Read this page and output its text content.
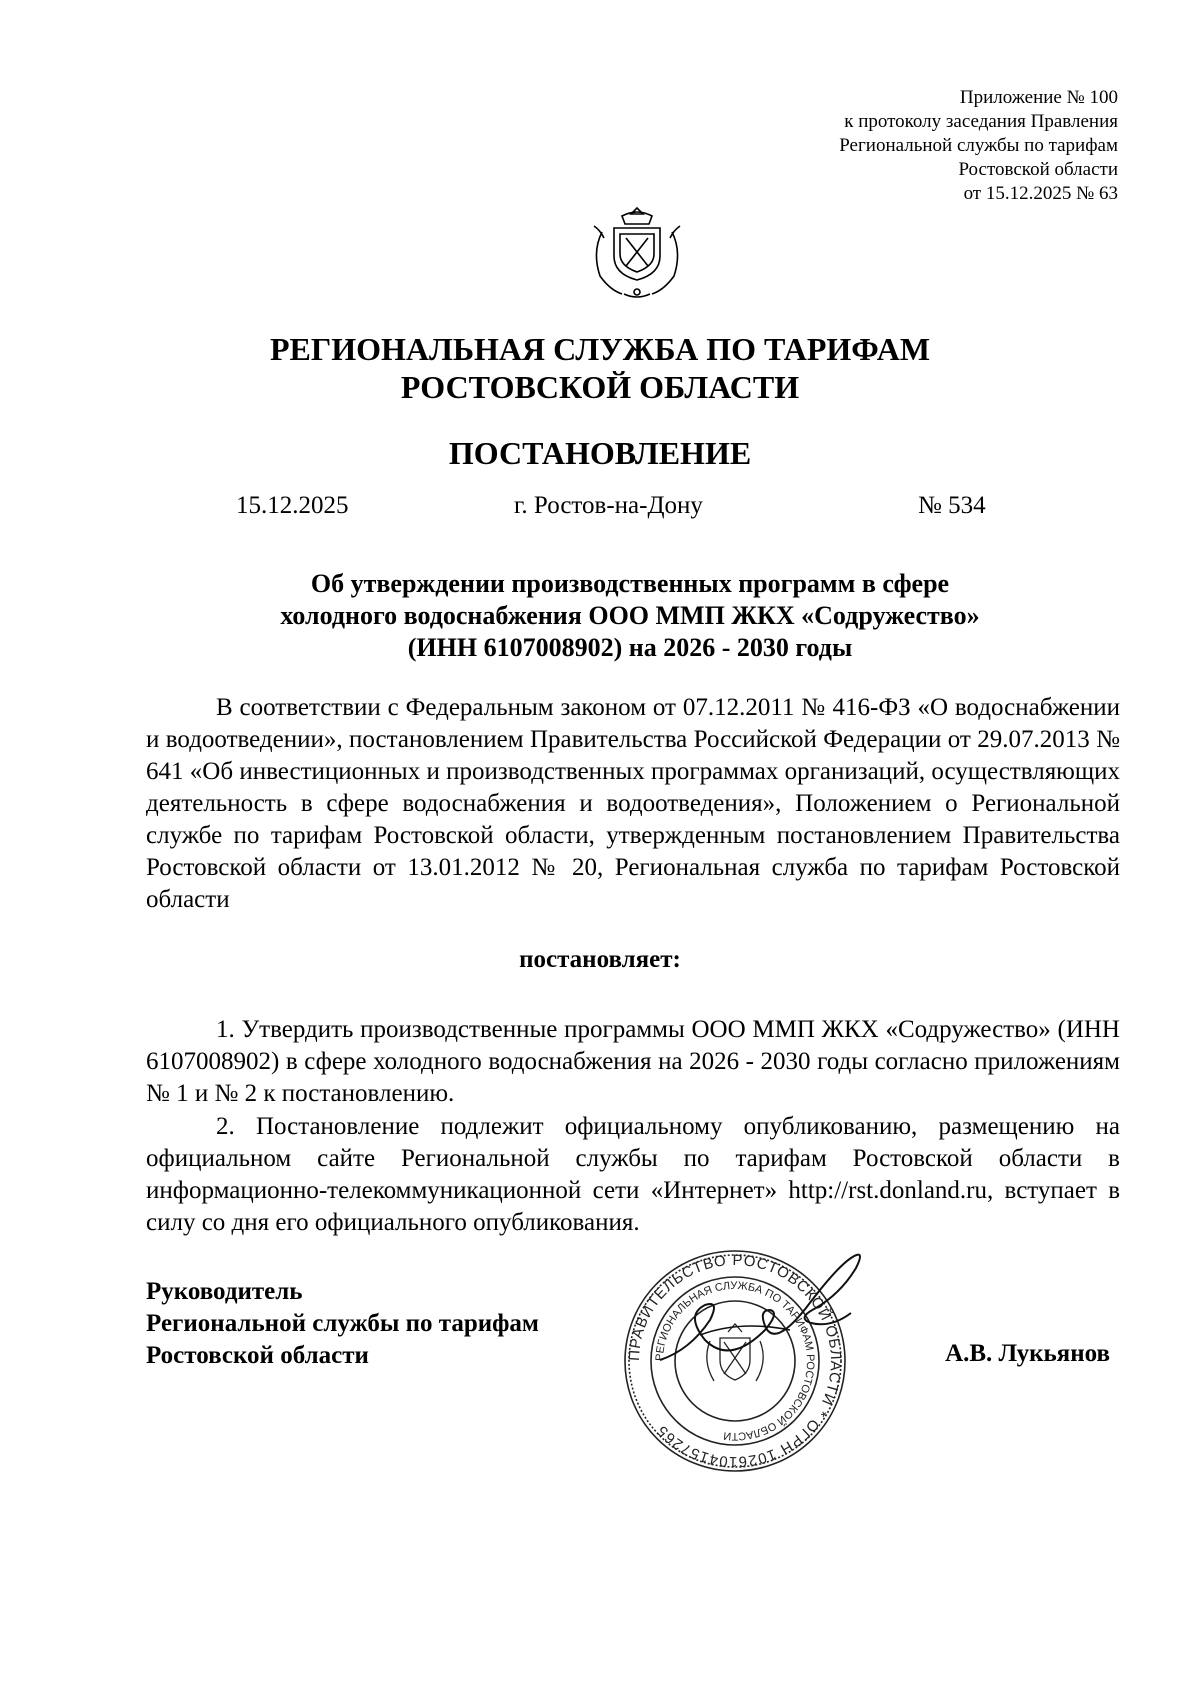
Приложение № 100
к протоколу заседания Правления
Региональной службы по тарифам
Ростовской области
от 15.12.2025 № 63
РЕГИОНАЛЬНАЯ СЛУЖБА ПО ТАРИФАМ
РОСТОВСКОЙ ОБЛАСТИ
ПОСТАНОВЛЕНИЕ
15.12.2025	г. Ростов-на-Дону	№ 534
Об утверждении производственных программ в сфере
холодного водоснабжения ООО ММП ЖКХ «Содружество»
(ИНН 6107008902) на 2026 - 2030 годы

В соответствии с Федеральным законом от 07.12.2011 № 416-ФЗ «О водоснабжении и водоотведении», постановлением Правительства Российской Федерации от 29.07.2013 № 641 «Об инвестиционных и производственных программах организаций, осуществляющих деятельность в сфере водоснабжения и водоотведения», Положением о Региональной службе по тарифам Ростовской области, утвержденным постановлением Правительства Ростовской области от 13.01.2012 № 20, Региональная служба по тарифам Ростовской области

постановляет:

1. Утвердить производственные программы ООО ММП ЖКХ «Содружество» (ИНН 6107008902) в сфере холодного водоснабжения на 2026 - 2030 годы согласно приложениям № 1 и № 2 к постановлению.

2. Постановление подлежит официальному опубликованию, размещению на официальном сайте Региональной службы по тарифам Ростовской области в информационно-телекоммуникационной сети «Интернет» http://rst.donland.ru, вступает в силу со дня его официального опубликования.

Руководитель
Региональной службы по тарифам
Ростовской области	ПРАВИТЕЛЬСТВО РОСТОВСКОЙ ОБЛАСТИ * ОГРН 1026104157265
РЕГИОНАЛЬНАЯ СЛУЖБА ПО ТАРИФАМ РОСТОВСКОЙ ОБЛАСТИ
А.В. Лукьянов
